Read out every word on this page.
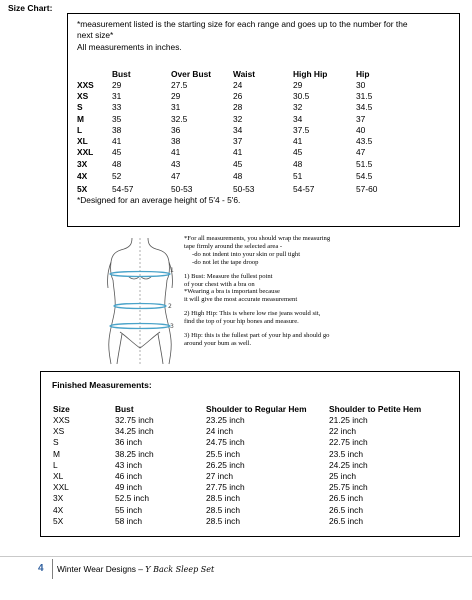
Size Chart:
*measurement listed is the starting size for each range and goes up to the number for the
next size*
All measurements in inches.
Bust	Over Bust	Waist	High Hip	Hip
XXS 29	27.5	24	29	30
XS	31	29	26	30.5	31.5
S	33	31	28	32	34.5
M	35	32.5	32	34	37
L	38	36	34	37.5	40
XL	41	38	37	41	43.5
XXL 45	41	41	45	47
3X	48	43	45	48	51.5
4X	52	47	48	51	54.5
5X	54-57	50-53	50-53	54-57	57-60
*Designed for an average height of 5'4 - 5'6.
1
2
3
*For all measurements, you should wrap the measuring
tape firmly around the selected area -
-do not indent into your skin or pull tight
-do not let the tape droop
1) Bust: Measure the fullest point
of your chest with a bra on
*Wearing a bra is important because
it will give the most accurate measurement
2) High Hip: This is where low rise jeans would sit,
find the top of your hip bones and measure.
3) Hip: this is the fullest part of your hip and should go
around your bum as well.
Finished Measurements:
Size	Bust	Shoulder to Regular Hem	Shoulder to Petite Hem
XXS	32.75 inch	23.25 inch	21.25 inch
XS	34.25 inch	24 inch	22 inch
S	36 inch	24.75 inch	22.75 inch
M	38.25 inch	25.5 inch	23.5 inch
L	43 inch	26.25 inch	24.25 inch
XL	46 inch	27 inch	25 inch
XXL	49 inch	27.75 inch	25.75 inch
3X	52.5 inch	28.5 inch	26.5 inch
4X	55 inch	28.5 inch	26.5 inch
5X	58 inch	28.5 inch	26.5 inch
4 Winter Wear Designs – Y Back Sleep Set
